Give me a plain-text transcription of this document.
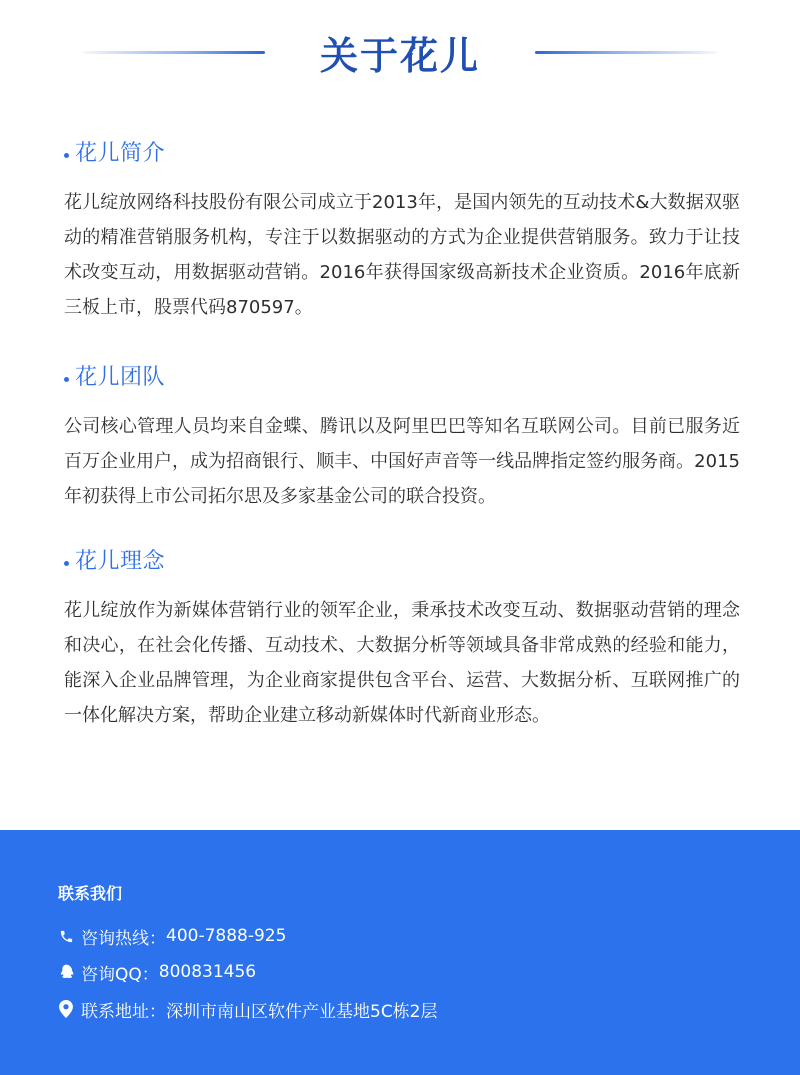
关于花儿
花儿简介

花儿绽放网络科技股份有限公司成立于2013年，是国内领先的互动技术&大数据双驱动的精准营销服务机构，专注于以数据驱动的方式为企业提供营销服务。致力于让技术改变互动，用数据驱动营销。2016年获得国家级高新技术企业资质。2016年底新三板上市，股票代码870597。

花儿团队

公司核心管理人员均来自金蝶、腾讯以及阿里巴巴等知名互联网公司。目前已服务近百万企业用户，成为招商银行、顺丰、中国好声音等一线品牌指定签约服务商。2015年初获得上市公司拓尔思及多家基金公司的联合投资。

花儿理念

花儿绽放作为新媒体营销行业的领军企业，秉承技术改变互动、数据驱动营销的理念和决心，在社会化传播、互动技术、大数据分析等领域具备非常成熟的经验和能力，能深入企业品牌管理，为企业商家提供包含平台、运营、大数据分析、互联网推广的一体化解决方案，帮助企业建立移动新媒体时代新商业形态。

联系我们
咨询热线： 400-7888-925
咨询QQ： 800831456
联系地址： 深圳市南山区软件产业基地5C栋2层
